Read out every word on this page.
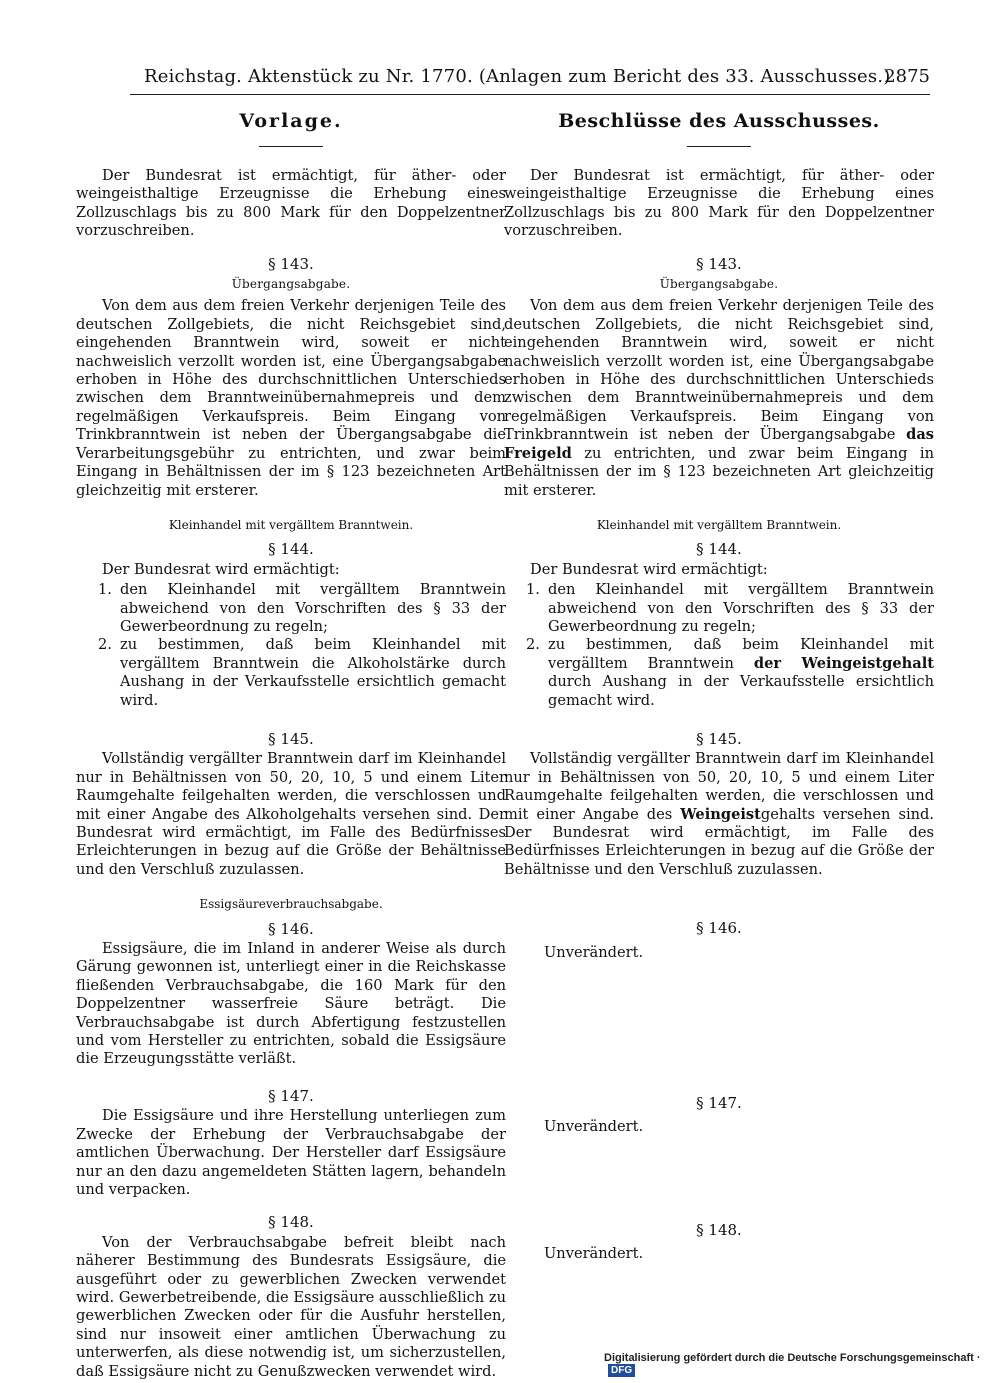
Reichstag. Aktenstück zu Nr. 1770. (Anlagen zum Bericht des 33. Ausschusses.)
2875
Vorlage.

Der Bundesrat ist ermächtigt, für äther- oder weingeisthaltige Erzeugnisse die Erhebung eines Zollzuschlags bis zu 800 Mark für den Doppelzentner vorzuschreiben.

§ 143.
Übergangsabgabe.

Von dem aus dem freien Verkehr derjenigen Teile des deutschen Zollgebiets, die nicht Reichsgebiet sind, eingehenden Branntwein wird, soweit er nicht nachweislich verzollt worden ist, eine Übergangsabgabe erhoben in Höhe des durchschnittlichen Unterschieds zwischen dem Branntweinübernahmepreis und dem regelmäßigen Verkaufspreis. Beim Eingang von Trinkbranntwein ist neben der Übergangsabgabe die Verarbeitungsgebühr zu entrichten, und zwar beim Eingang in Behältnissen der im § 123 bezeichneten Art gleichzeitig mit ersterer.

Kleinhandel mit vergälltem Branntwein.
§ 144.

Der Bundesrat wird ermächtigt:

1. den Kleinhandel mit vergälltem Branntwein abweichend von den Vorschriften des § 33 der Gewerbeordnung zu regeln;
2. zu bestimmen, daß beim Kleinhandel mit vergälltem Branntwein die Alkoholstärke durch Aushang in der Verkaufsstelle ersichtlich gemacht wird.
§ 145.

Vollständig vergällter Branntwein darf im Kleinhandel nur in Behältnissen von 50, 20, 10, 5 und einem Liter Raumgehalte feilgehalten werden, die verschlossen und mit einer Angabe des Alkoholgehalts versehen sind. Der Bundesrat wird ermächtigt, im Falle des Bedürfnisses Erleichterungen in bezug auf die Größe der Behältnisse und den Verschluß zuzulassen.

Essigsäureverbrauchsabgabe.
§ 146.

Essigsäure, die im Inland in anderer Weise als durch Gärung gewonnen ist, unterliegt einer in die Reichskasse fließenden Verbrauchsabgabe, die 160 Mark für den Doppelzentner wasserfreie Säure beträgt. Die Verbrauchsabgabe ist durch Abfertigung festzustellen und vom Hersteller zu entrichten, sobald die Essigsäure die Erzeugungsstätte verläßt.

§ 147.

Die Essigsäure und ihre Herstellung unterliegen zum Zwecke der Erhebung der Verbrauchsabgabe der amtlichen Überwachung. Der Hersteller darf Essigsäure nur an den dazu angemeldeten Stätten lagern, behandeln und verpacken.

§ 148.

Von der Verbrauchsabgabe befreit bleibt nach näherer Bestimmung des Bundesrats Essigsäure, die ausgeführt oder zu gewerblichen Zwecken verwendet wird. Gewerbetreibende, die Essigsäure ausschließlich zu gewerblichen Zwecken oder für die Ausfuhr herstellen, sind nur insoweit einer amtlichen Überwachung zu unterwerfen, als diese notwendig ist, um sicherzustellen, daß Essigsäure nicht zu Genußzwecken verwendet wird.

Beschlüsse des Ausschusses.

Der Bundesrat ist ermächtigt, für äther- oder weingeisthaltige Erzeugnisse die Erhebung eines Zollzuschlags bis zu 800 Mark für den Doppelzentner vorzuschreiben.

§ 143.
Übergangsabgabe.

Von dem aus dem freien Verkehr derjenigen Teile des deutschen Zollgebiets, die nicht Reichsgebiet sind, eingehenden Branntwein wird, soweit er nicht nachweislich verzollt worden ist, eine Übergangsabgabe erhoben in Höhe des durchschnittlichen Unterschieds zwischen dem Branntweinübernahmepreis und dem regelmäßigen Verkaufspreis. Beim Eingang von Trinkbranntwein ist neben der Übergangsabgabe das Freigeld zu entrichten, und zwar beim Eingang in Behältnissen der im § 123 bezeichneten Art gleichzeitig mit ersterer.

Kleinhandel mit vergälltem Branntwein.
§ 144.

Der Bundesrat wird ermächtigt:

1. den Kleinhandel mit vergälltem Branntwein abweichend von den Vorschriften des § 33 der Gewerbeordnung zu regeln;
2. zu bestimmen, daß beim Kleinhandel mit vergälltem Branntwein der Weingeistgehalt durch Aushang in der Verkaufsstelle ersichtlich gemacht wird.
§ 145.

Vollständig vergällter Branntwein darf im Kleinhandel nur in Behältnissen von 50, 20, 10, 5 und einem Liter Raumgehalte feilgehalten werden, die verschlossen und mit einer Angabe des Weingeistgehalts versehen sind. Der Bundesrat wird ermächtigt, im Falle des Bedürfnisses Erleichterungen in bezug auf die Größe der Behältnisse und den Verschluß zuzulassen.

§ 146.

Unverändert.

§ 147.

Unverändert.

§ 148.

Unverändert.

Digitalisierung gefördert durch die Deutsche Forschungsgemeinschaft ·DFG
